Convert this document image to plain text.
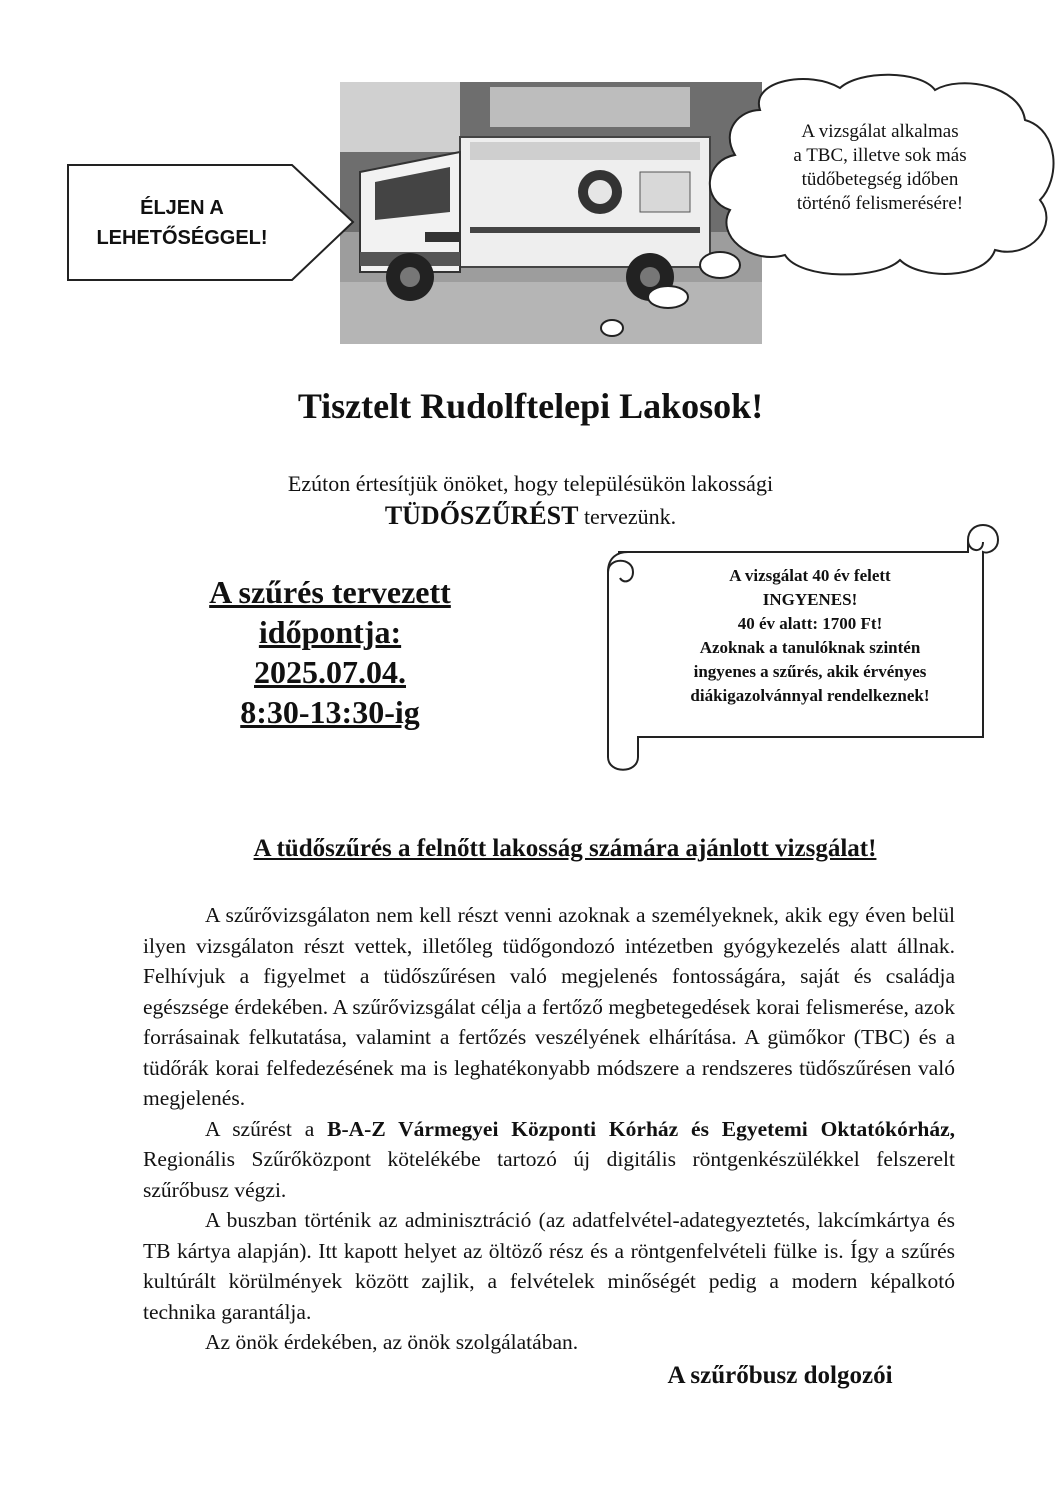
ÉLJEN A
LEHETŐSÉGGEL!
A vizsgálat alkalmas
a TBC, illetve sok más
tüdőbetegség időben
történő felismerésére!
Tisztelt Rudolftelepi Lakosok!
Ezúton értesítjük önöket, hogy településükön lakossági
TÜDŐSZŰRÉST tervezünk.
A szűrés tervezett
időpontja:
2025.07.04.
8:30-13:30-ig
A vizsgálat 40 év felett
INGYENES!
40 év alatt: 1700 Ft!
Azoknak a tanulóknak szintén
ingyenes a szűrés, akik érvényes
diákigazolvánnyal rendelkeznek!
A tüdőszűrés a felnőtt lakosság számára ajánlott vizsgálat!

A szűrővizsgálaton nem kell részt venni azoknak a személyeknek, akik egy éven belül ilyen vizsgálaton részt vettek, illetőleg tüdőgondozó intézetben gyógykezelés alatt állnak. Felhívjuk a figyelmet a tüdőszűrésen való megjelenés fontosságára, saját és családja egészsége érdekében. A szűrővizsgálat célja a fertőző megbetegedések korai felismerése, azok forrásainak felkutatása, valamint a fertőzés veszélyének elhárítása. A gümőkor (TBC) és a tüdőrák korai felfedezésének ma is leghatékonyabb módszere a rendszeres tüdőszűrésen való megjelenés.

A szűrést a B-A-Z Vármegyei Központi Kórház és Egyetemi Oktatókórház, Regionális Szűrőközpont kötelékébe tartozó új digitális röntgenkészülékkel felszerelt szűrőbusz végzi.

A buszban történik az adminisztráció (az adatfelvétel-adategyeztetés, lakcímkártya és TB kártya alapján). Itt kapott helyet az öltöző rész és a röntgenfelvételi fülke is. Így a szűrés kultúrált körülmények között zajlik, a felvételek minőségét pedig a modern képalkotó technika garantálja.

Az önök érdekében, az önök szolgálatában.

A szűrőbusz dolgozói
